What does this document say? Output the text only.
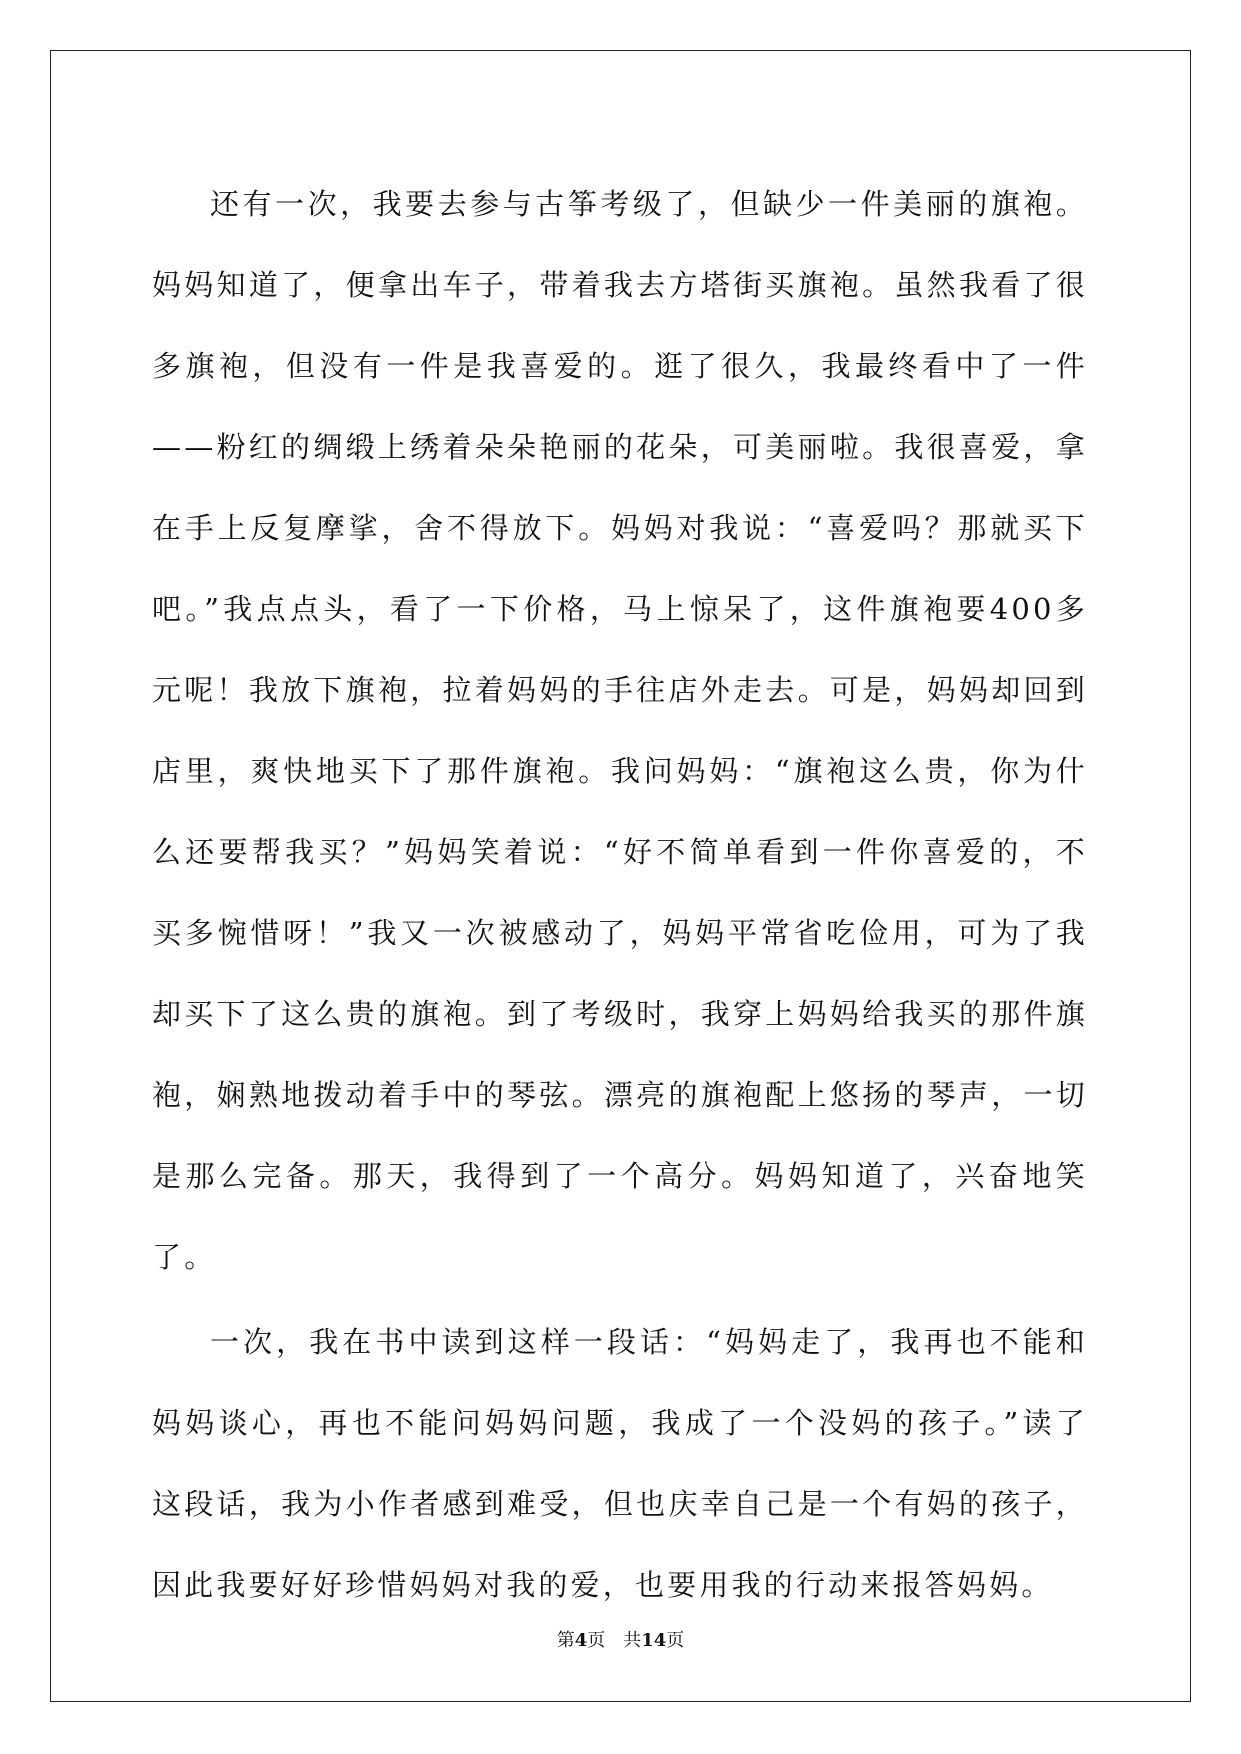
还有一次，我要去参与古筝考级了，但缺少一件美丽的旗袍。妈妈知道了，便拿出车子，带着我去方塔街买旗袍。虽然我看了很多旗袍，但没有一件是我喜爱的。逛了很久，我最终看中了一件——粉红的绸缎上绣着朵朵艳丽的花朵，可美丽啦。我很喜爱，拿在手上反复摩挲，舍不得放下。妈妈对我说：“喜爱吗？那就买下吧。”我点点头，看了一下价格，马上惊呆了，这件旗袍要400多元呢！我放下旗袍，拉着妈妈的手往店外走去。可是，妈妈却回到店里，爽快地买下了那件旗袍。我问妈妈：“旗袍这么贵，你为什么还要帮我买？”妈妈笑着说：“好不简单看到一件你喜爱的，不买多惋惜呀！”我又一次被感动了，妈妈平常省吃俭用，可为了我却买下了这么贵的旗袍。到了考级时，我穿上妈妈给我买的那件旗袍，娴熟地拨动着手中的琴弦。漂亮的旗袍配上悠扬的琴声，一切是那么完备。那天，我得到了一个高分。妈妈知道了，兴奋地笑了。

一次，我在书中读到这样一段话：“妈妈走了，我再也不能和妈妈谈心，再也不能问妈妈问题，我成了一个没妈的孩子。”读了这段话，我为小作者感到难受，但也庆幸自己是一个有妈的孩子，因此我要好好珍惜妈妈对我的爱，也要用我的行动来报答妈妈。

第4页　共14页
